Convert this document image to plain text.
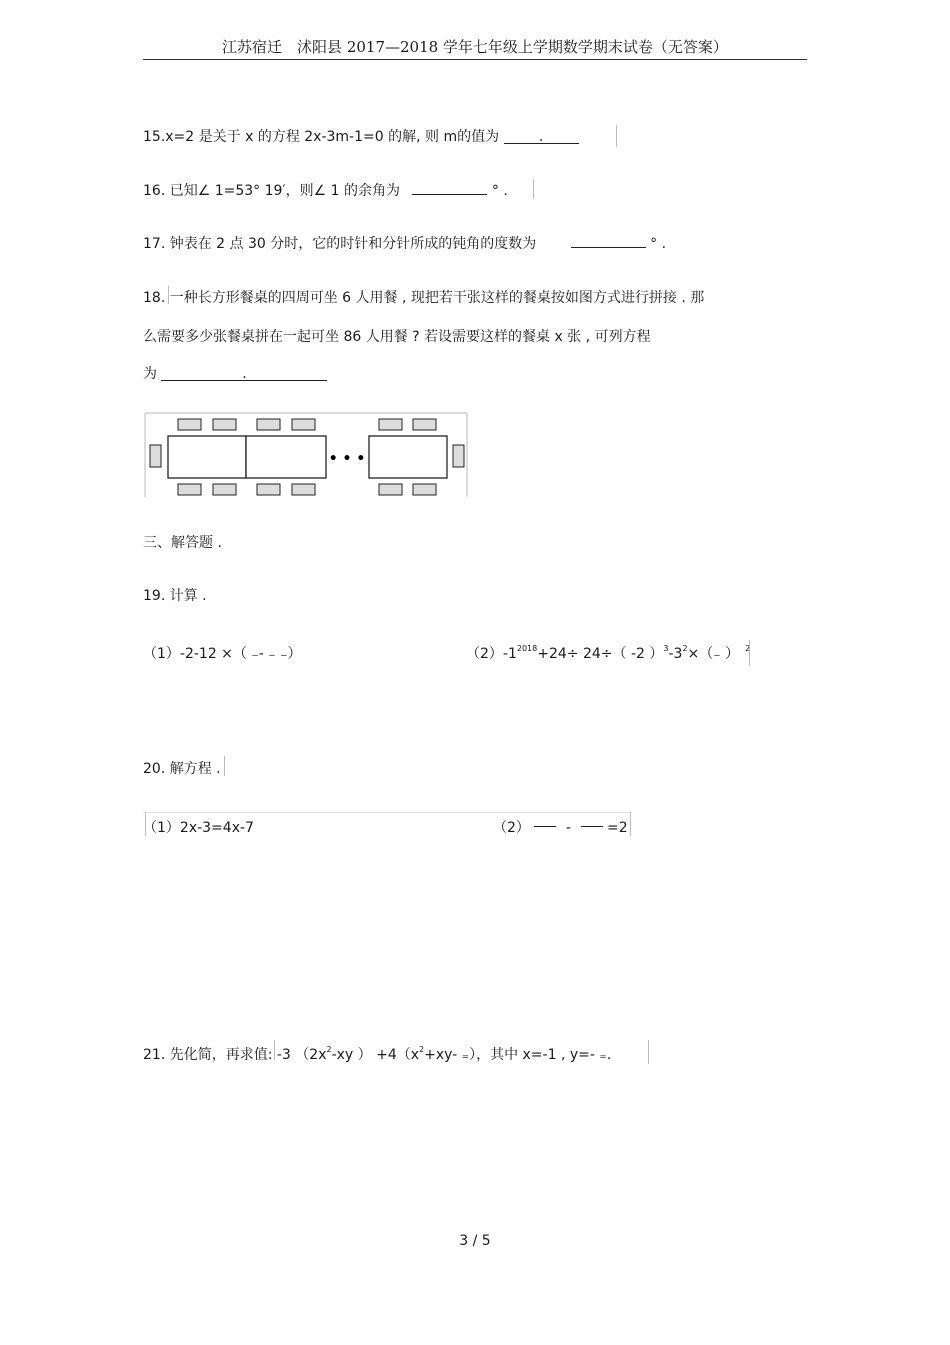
江苏宿迁　沭阳县 2017—2018 学年七年级上学期数学期末试卷（无答案）
15.x=2 是关于 x 的方程 2x-3m-1=0 的解, 则 m的值为	.
16. 已知∠ 1=53° 19′，则∠ 1 的余角为	° .
17. 钟表在 2 点 30 分时，它的时针和分针所成的钝角的度数为	° .
18. 一种长方形餐桌的四周可坐 6 人用餐 , 现把若干张这样的餐桌按如图方式进行拼接 . 那
么需要多少张餐桌拼在一起可坐 86 人用餐 ? 若设需要这样的餐桌 x 张 , 可列方程
为	.
• • •
三、解答题 .
19. 计算 .
（1）-2-12 ×（ ₋- ₋ ₋）	$(2)-1^{2018}+24\div 24\div$（ -2 ）$^3-3^2\times(_-$ ） $^2$
20. 解方程 .
（1）2x-3=4x-7	（2）	-	=2
21. 先化简，再求值: -3 （$2x^2-xy$ ） $+4(x^2+xy-$ ₌），其中 x=-1 , y=- ₌.
3 / 5
